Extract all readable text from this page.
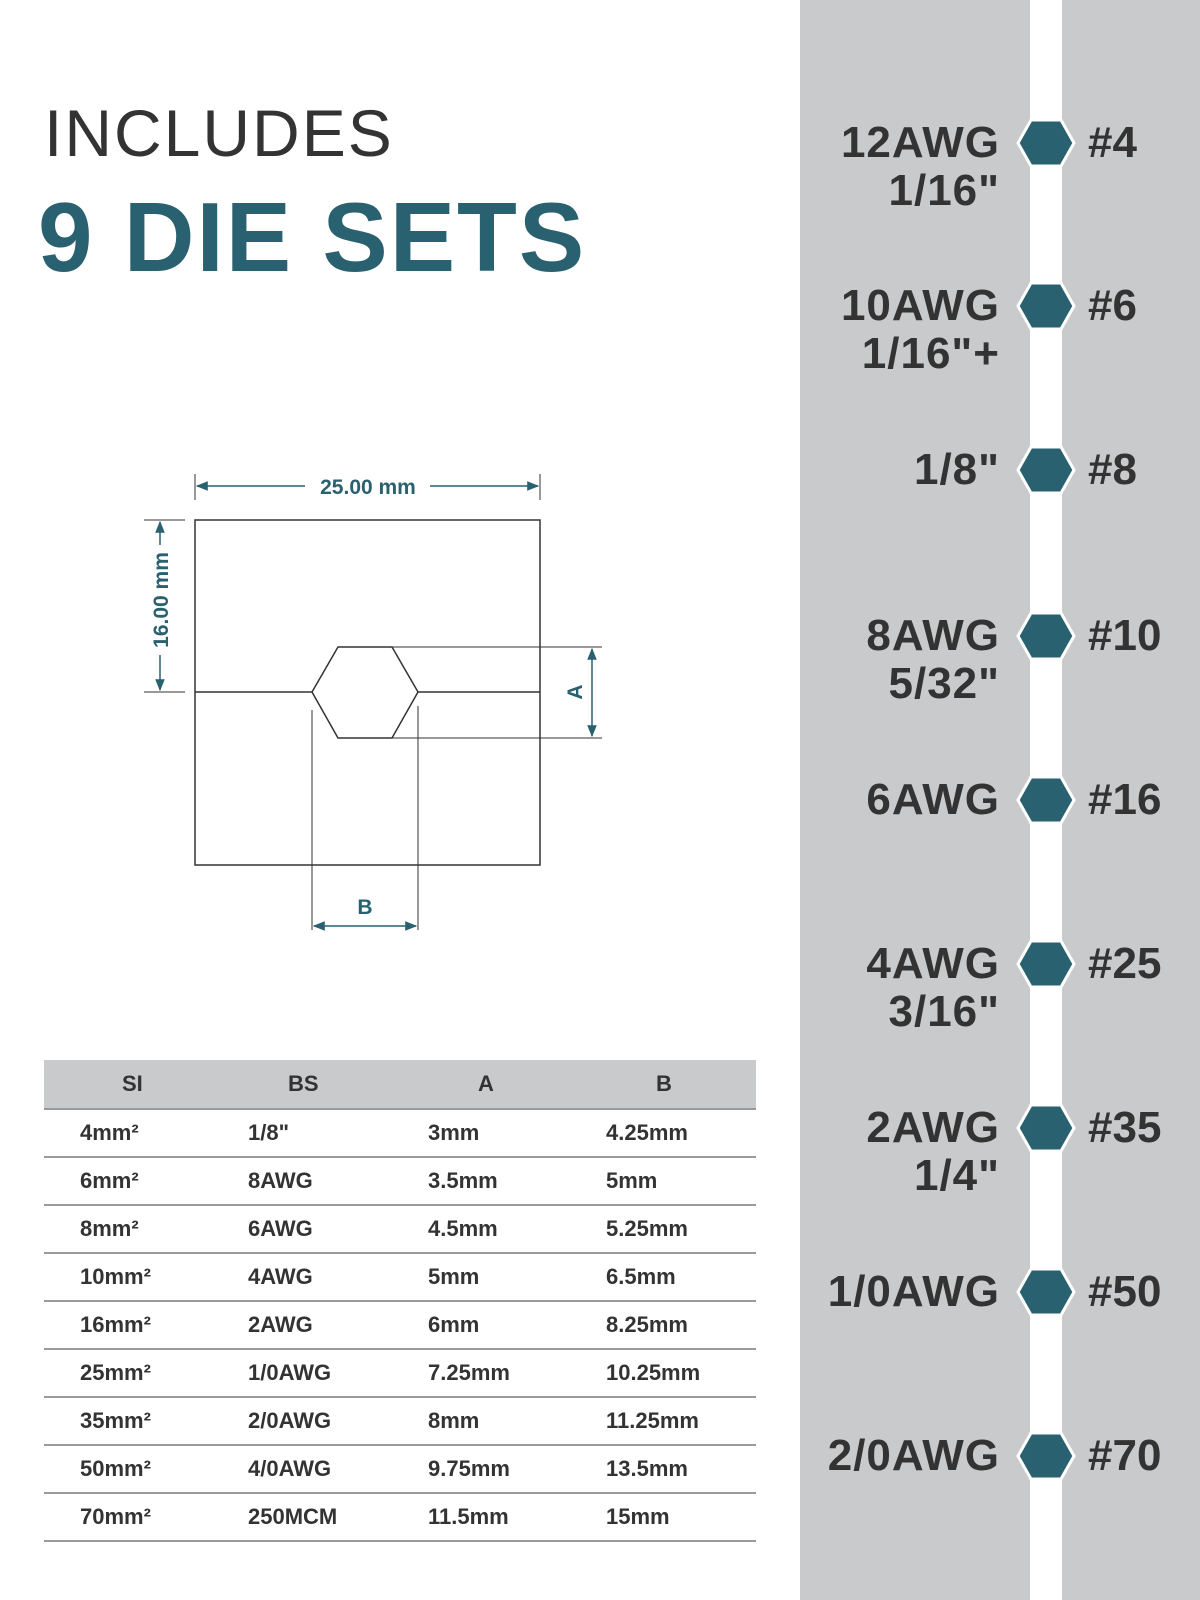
INCLUDES
9 DIE SETS
25.00 mm
16.00 mm
A
B
SI	BS	A	B
4mm²	1/8"	3mm	4.25mm
6mm²	8AWG	3.5mm	5mm
8mm²	6AWG	4.5mm	5.25mm
10mm²	4AWG	5mm	6.5mm
16mm²	2AWG	6mm	8.25mm
25mm²	1/0AWG	7.25mm	10.25mm
35mm²	2/0AWG	8mm	11.25mm
50mm²	4/0AWG	9.75mm	13.5mm
70mm²	250MCM	11.5mm	15mm
12AWG
1/16"
#4
10AWG
1/16"+
#6
1/8" #8
8AWG
5/32"
#10
6AWG #16
4AWG
3/16"
#25
2AWG
1/4"
#35
1/0AWG #50
2/0AWG #70
